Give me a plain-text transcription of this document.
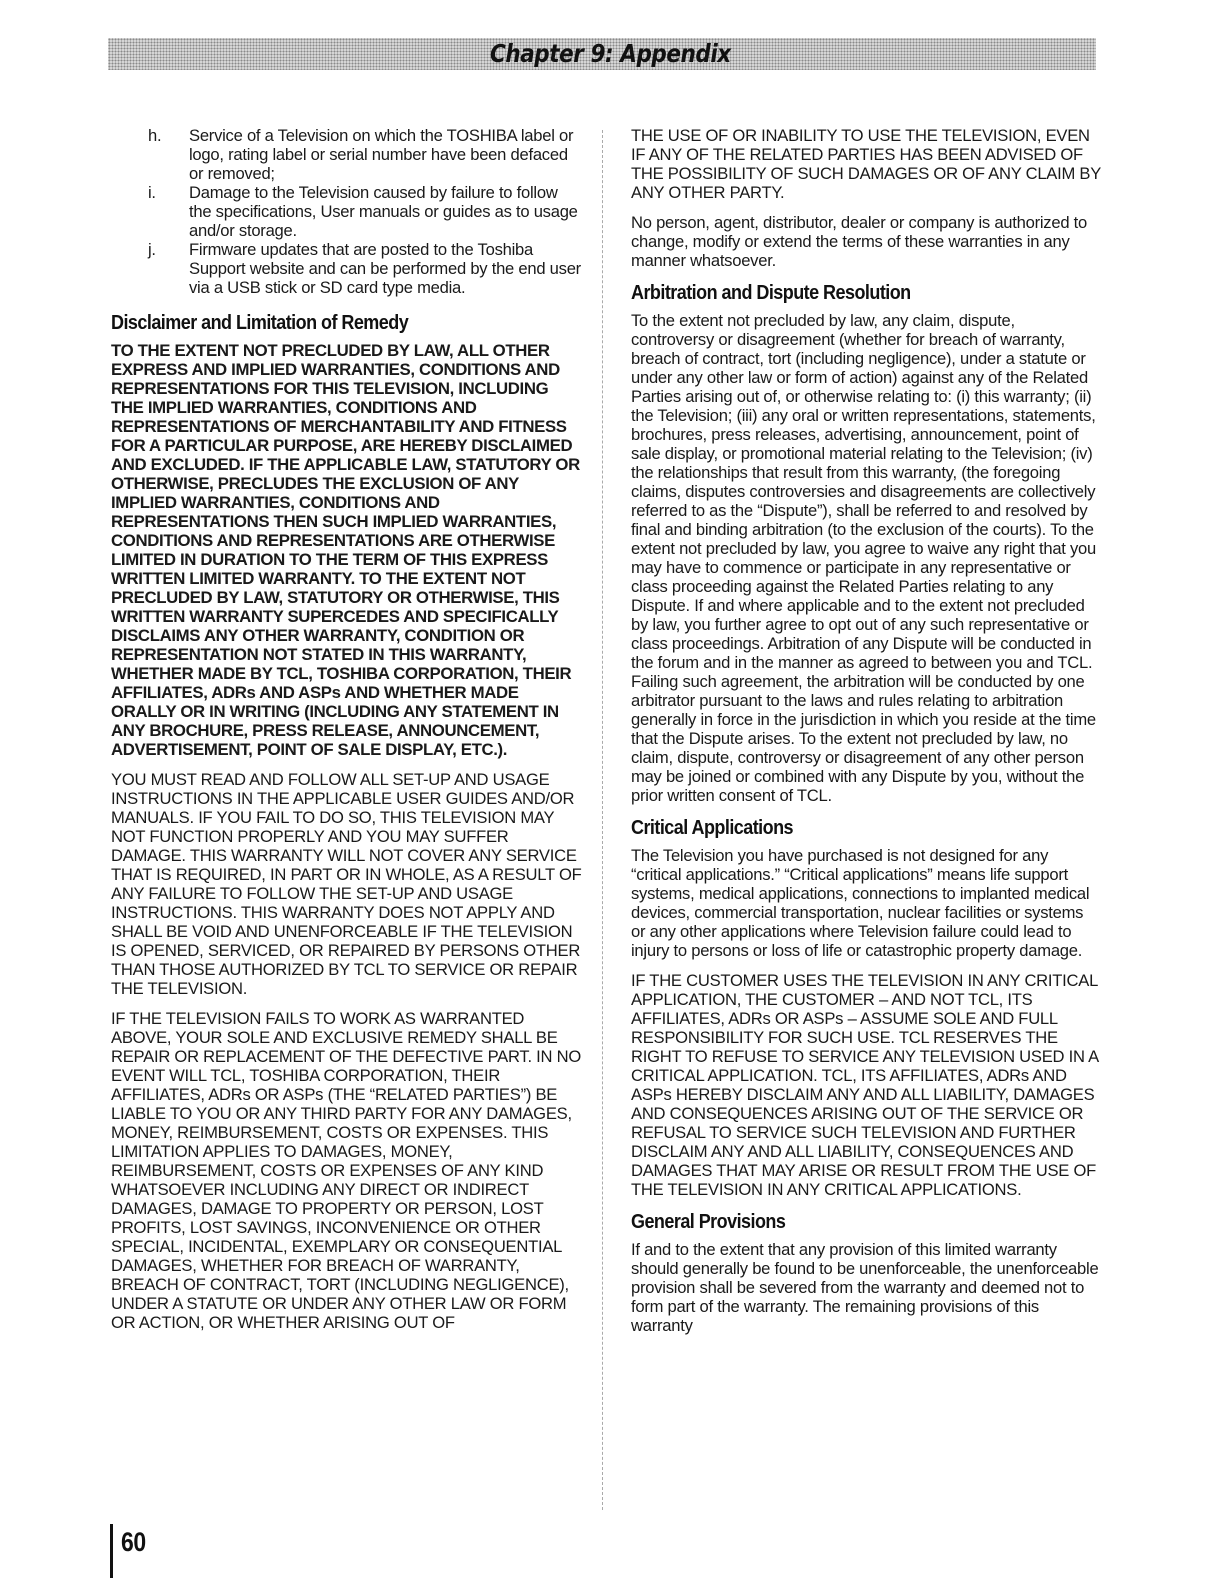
Chapter 9: Appendix
h. Service of a Television on which the TOSHIBA label or logo, rating label or serial number have been defaced or removed;
i. Damage to the Television caused by failure to follow the specifications, User manuals or guides as to usage and/or storage.
j. Firmware updates that are posted to the Toshiba Support website and can be performed by the end user via a USB stick or SD card type media.
Disclaimer and Limitation of Remedy

TO THE EXTENT NOT PRECLUDED BY LAW, ALL OTHER EXPRESS AND IMPLIED WARRANTIES, CONDITIONS AND REPRESENTATIONS FOR THIS TELEVISION, INCLUDING THE IMPLIED WARRANTIES, CONDITIONS AND REPRESENTATIONS OF MERCHANTABILITY AND FITNESS FOR A PARTICULAR PURPOSE, ARE HEREBY DISCLAIMED AND EXCLUDED. IF THE APPLICABLE LAW, STATUTORY OR OTHERWISE, PRECLUDES THE EXCLUSION OF ANY IMPLIED WARRANTIES, CONDITIONS AND REPRESENTATIONS THEN SUCH IMPLIED WARRANTIES, CONDITIONS AND REPRESENTATIONS ARE OTHERWISE LIMITED IN DURATION TO THE TERM OF THIS EXPRESS WRITTEN LIMITED WARRANTY. TO THE EXTENT NOT PRECLUDED BY LAW, STATUTORY OR OTHERWISE, THIS WRITTEN WARRANTY SUPERCEDES AND SPECIFICALLY DISCLAIMS ANY OTHER WARRANTY, CONDITION OR REPRESENTATION NOT STATED IN THIS WARRANTY, WHETHER MADE BY TCL, TOSHIBA CORPORATION, THEIR AFFILIATES, ADRs AND ASPs AND WHETHER MADE ORALLY OR IN WRITING (INCLUDING ANY STATEMENT IN ANY BROCHURE, PRESS RELEASE, ANNOUNCEMENT, ADVERTISEMENT, POINT OF SALE DISPLAY, ETC.).

YOU MUST READ AND FOLLOW ALL SET-UP AND USAGE INSTRUCTIONS IN THE APPLICABLE USER GUIDES AND/OR MANUALS. IF YOU FAIL TO DO SO, THIS TELEVISION MAY NOT FUNCTION PROPERLY AND YOU MAY SUFFER DAMAGE. THIS WARRANTY WILL NOT COVER ANY SERVICE THAT IS REQUIRED, IN PART OR IN WHOLE, AS A RESULT OF ANY FAILURE TO FOLLOW THE SET-UP AND USAGE INSTRUCTIONS. THIS WARRANTY DOES NOT APPLY AND SHALL BE VOID AND UNENFORCEABLE IF THE TELEVISION IS OPENED, SERVICED, OR REPAIRED BY PERSONS OTHER THAN THOSE AUTHORIZED BY TCL TO SERVICE OR REPAIR THE TELEVISION.

IF THE TELEVISION FAILS TO WORK AS WARRANTED ABOVE, YOUR SOLE AND EXCLUSIVE REMEDY SHALL BE REPAIR OR REPLACEMENT OF THE DEFECTIVE PART. IN NO EVENT WILL TCL, TOSHIBA CORPORATION, THEIR AFFILIATES, ADRs OR ASPs (THE “RELATED PARTIES”) BE LIABLE TO YOU OR ANY THIRD PARTY FOR ANY DAMAGES, MONEY, REIMBURSEMENT, COSTS OR EXPENSES. THIS LIMITATION APPLIES TO DAMAGES, MONEY, REIMBURSEMENT, COSTS OR EXPENSES OF ANY KIND WHATSOEVER INCLUDING ANY DIRECT OR INDIRECT DAMAGES, DAMAGE TO PROPERTY OR PERSON, LOST PROFITS, LOST SAVINGS, INCONVENIENCE OR OTHER SPECIAL, INCIDENTAL, EXEMPLARY OR CONSEQUENTIAL DAMAGES, WHETHER FOR BREACH OF WARRANTY, BREACH OF CONTRACT, TORT (INCLUDING NEGLIGENCE), UNDER A STATUTE OR UNDER ANY OTHER LAW OR FORM OR ACTION, OR WHETHER ARISING OUT OF

THE USE OF OR INABILITY TO USE THE TELEVISION, EVEN IF ANY OF THE RELATED PARTIES HAS BEEN ADVISED OF THE POSSIBILITY OF SUCH DAMAGES OR OF ANY CLAIM BY ANY OTHER PARTY.

No person, agent, distributor, dealer or company is authorized to change, modify or extend the terms of these warranties in any manner whatsoever.

Arbitration and Dispute Resolution

To the extent not precluded by law, any claim, dispute, controversy or disagreement (whether for breach of warranty, breach of contract, tort (including negligence), under a statute or under any other law or form of action) against any of the Related Parties arising out of, or otherwise relating to: (i) this warranty; (ii) the Television; (iii) any oral or written representations, statements, brochures, press releases, advertising, announcement, point of sale display, or promotional material relating to the Television; (iv) the relationships that result from this warranty, (the foregoing claims, disputes controversies and disagreements are collectively referred to as the “Dispute”), shall be referred to and resolved by final and binding arbitration (to the exclusion of the courts). To the extent not precluded by law, you agree to waive any right that you may have to commence or participate in any representative or class proceeding against the Related Parties relating to any Dispute. If and where applicable and to the extent not precluded by law, you further agree to opt out of any such representative or class proceedings. Arbitration of any Dispute will be conducted in the forum and in the manner as agreed to between you and TCL. Failing such agreement, the arbitration will be conducted by one arbitrator pursuant to the laws and rules relating to arbitration generally in force in the jurisdiction in which you reside at the time that the Dispute arises. To the extent not precluded by law, no claim, dispute, controversy or disagreement of any other person may be joined or combined with any Dispute by you, without the prior written consent of TCL.

Critical Applications

The Television you have purchased is not designed for any “critical applications.” “Critical applications” means life support systems, medical applications, connections to implanted medical devices, commercial transportation, nuclear facilities or systems or any other applications where Television failure could lead to injury to persons or loss of life or catastrophic property damage.

IF THE CUSTOMER USES THE TELEVISION IN ANY CRITICAL APPLICATION, THE CUSTOMER – AND NOT TCL, ITS AFFILIATES, ADRs OR ASPs – ASSUME SOLE AND FULL RESPONSIBILITY FOR SUCH USE. TCL RESERVES THE RIGHT TO REFUSE TO SERVICE ANY TELEVISION USED IN A CRITICAL APPLICATION. TCL, ITS AFFILIATES, ADRs AND ASPs HEREBY DISCLAIM ANY AND ALL LIABILITY, DAMAGES AND CONSEQUENCES ARISING OUT OF THE SERVICE OR REFUSAL TO SERVICE SUCH TELEVISION AND FURTHER DISCLAIM ANY AND ALL LIABILITY, CONSEQUENCES AND DAMAGES THAT MAY ARISE OR RESULT FROM THE USE OF THE TELEVISION IN ANY CRITICAL APPLICATIONS.

General Provisions

If and to the extent that any provision of this limited warranty should generally be found to be unenforceable, the unenforceable provision shall be severed from the warranty and deemed not to form part of the warranty. The remaining provisions of this warranty

60
